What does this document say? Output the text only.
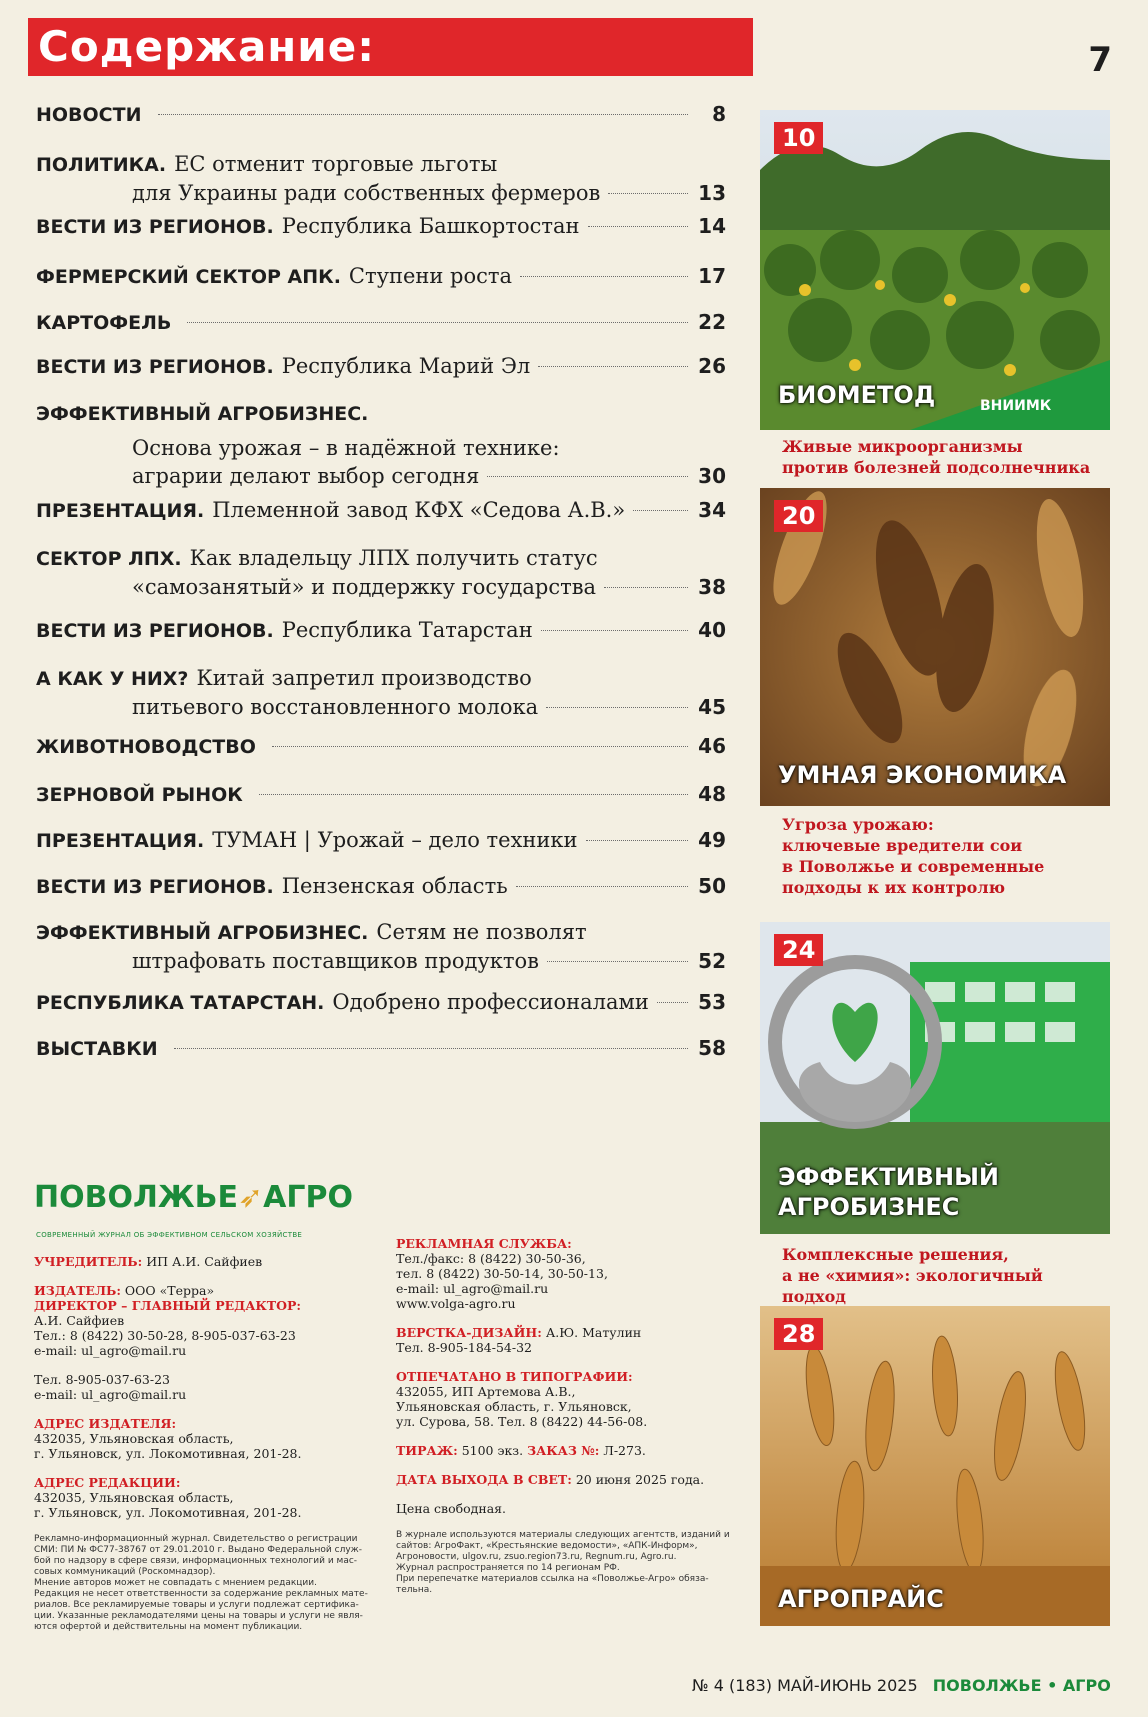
Содержание:	7
НОВОСТИ	8
ПОЛИТИКА. ЕС отменит торговые льготы
для Украины ради собственных фермеров	13
ВЕСТИ ИЗ РЕГИОНОВ. Республика Башкортостан	14
ФЕРМЕРСКИЙ СЕКТОР АПК. Ступени роста	17
КАРТОФЕЛЬ	22
ВЕСТИ ИЗ РЕГИОНОВ. Республика Марий Эл	26
ЭФФЕКТИВНЫЙ АГРОБИЗНЕС.
Основа урожая – в надёжной технике:
аграрии делают выбор сегодня	30
ПРЕЗЕНТАЦИЯ. Племенной завод КФХ «Седова А.В.»	34
СЕКТОР ЛПХ. Как владельцу ЛПХ получить статус
«самозанятый» и поддержку государства	38
ВЕСТИ ИЗ РЕГИОНОВ. Республика Татарстан	40
А КАК У НИХ? Китай запретил производство
питьевого восстановленного молока	45
ЖИВОТНОВОДСТВО	46
ЗЕРНОВОЙ РЫНОК	48
ПРЕЗЕНТАЦИЯ. ТУМАН | Урожай – дело техники	49
ВЕСТИ ИЗ РЕГИОНОВ. Пензенская область	50
ЭФФЕКТИВНЫЙ АГРОБИЗНЕС. Сетям не позволят
штрафовать поставщиков продуктов	52
РЕСПУБЛИКА ТАТАРСТАН. Одобрено профессионалами 53
ВЫСТАВКИ	58
ВНИИМК
10
БИОМЕТОД
Живые микроорганизмы
против болезней подсолнечника
20
УМНАЯ ЭКОНОМИКА
Угроза урожаю:
ключевые вредители сои
в Поволжье и современные
подходы к их контролю
24
ЭФФЕКТИВНЫЙ
АГРОБИЗНЕС
Комплексные решения,
а не «химия»: экологичный подход
28
АГРОПРАЙС
ПОВОЛЖЬЕ➶АГРО
СОВРЕМЕННЫЙ ЖУРНАЛ ОБ ЭФФЕКТИВНОМ СЕЛЬСКОМ ХОЗЯЙСТВЕ
УЧРЕДИТЕЛЬ: ИП А.И. Сайфиев
ИЗДАТЕЛЬ: ООО «Терра»
ДИРЕКТОР – ГЛАВНЫЙ РЕДАКТОР:
А.И. Сайфиев
Тел.: 8 (8422) 30-50-28, 8-905-037-63-23
e-mail: ul_agro@mail.ru
Тел. 8-905-037-63-23
e-mail: ul_agro@mail.ru
АДРЕС ИЗДАТЕЛЯ:
432035, Ульяновская область,
г. Ульяновск, ул. Локомотивная, 201-28.
АДРЕС РЕДАКЦИИ:
432035, Ульяновская область,
г. Ульяновск, ул. Локомотивная, 201-28.
Рекламно-информационный журнал. Свидетельство о регистрации
СМИ: ПИ № ФС77-38767 от 29.01.2010 г. Выдано Федеральной служ-
бой по надзору в сфере связи, информационных технологий и мас-
совых коммуникаций (Роскомнадзор).
Мнение авторов может не совпадать с мнением редакции.
Редакция не несет ответственности за содержание рекламных мате-
риалов. Все рекламируемые товары и услуги подлежат сертифика-
ции. Указанные рекламодателями цены на товары и услуги не явля-
ются офертой и действительны на момент публикации.
РЕКЛАМНАЯ СЛУЖБА:
Тел./факс: 8 (8422) 30-50-36,
тел. 8 (8422) 30-50-14, 30-50-13,
e-mail: ul_agro@mail.ru
www.volga-agro.ru
ВЕРСТКА-ДИЗАЙН: А.Ю. Матулин
Тел. 8-905-184-54-32
ОТПЕЧАТАНО В ТИПОГРАФИИ:
432055, ИП Артемова А.В.,
Ульяновская область, г. Ульяновск,
ул. Сурова, 58. Тел. 8 (8422) 44-56-08.
ТИРАЖ: 5100 экз. ЗАКАЗ №: Л-273.
ДАТА ВЫХОДА В СВЕТ: 20 июня 2025 года.
Цена свободная.
В журнале используются материалы следующих агентств, изданий и
сайтов: АгроФакт, «Крестьянские ведомости», «АПК-Информ»,
Агроновости, ulgov.ru, zsuo.region73.ru, Regnum.ru, Agro.ru.
Журнал распространяется по 14 регионам РФ.
При перепечатке материалов ссылка на «Поволжье-Агро» обяза-
тельна.
№ 4 (183) МАЙ-ИЮНЬ 2025 ПОВОЛЖЬЕ • АГРО
